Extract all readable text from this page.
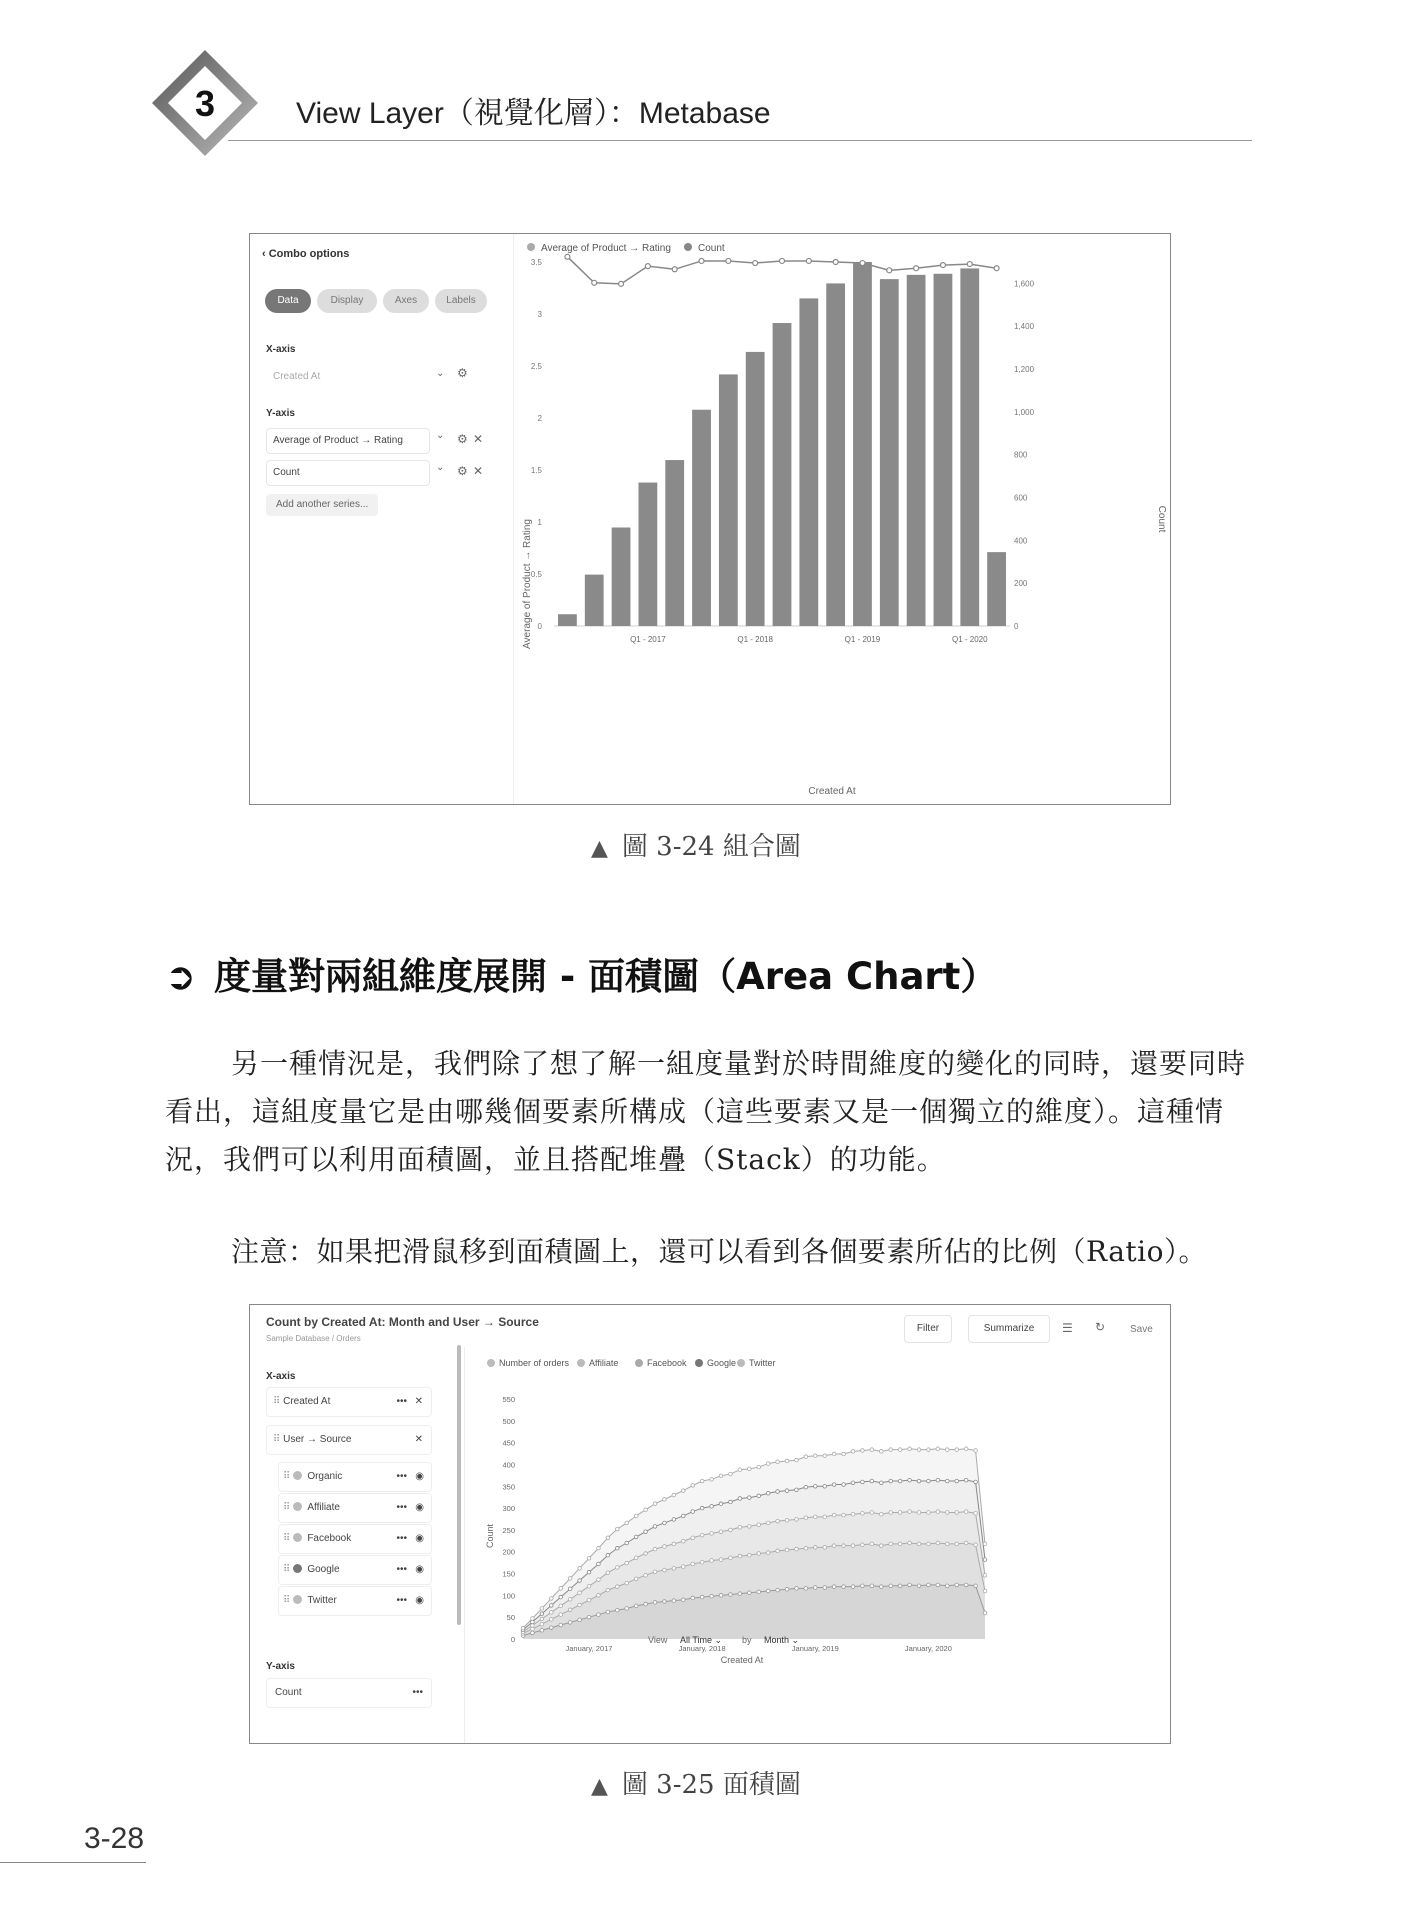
3	View Layer（視覺化層）：Metabase
‹ Combo options
Data	Display	Axes	Labels
X-axis
Created At	⌄ ⚙
Y-axis
Average of Product → Rating	⌄ ⚙ ✕
Count	⌄ ⚙ ✕
Add another series...
Average of Product → Rating	Count
Average of Product → Rating
Count
Created At
0
0.5
1
1.5
2
2.5
3
3.5
0
200
400
600
800
1,000
1,200
1,400
1,600
Q1 - 2017	Q1 - 2018	Q1 - 2019	Q1 - 2020
▲ 圖 3-24 組合圖
➲ 度量對兩組維度展開 - 面積圖（Area Chart）
另一種情況是，我們除了想了解一組度量對於時間維度的變化的同時，還要同時看出，這組度量它是由哪幾個要素所構成（這些要素又是一個獨立的維度）。這種情況，我們可以利用面積圖，並且搭配堆疊（Stack）的功能。
注意：如果把滑鼠移到面積圖上，還可以看到各個要素所佔的比例（Ratio）。
Count by Created At: Month and User → Source
Sample Database / Orders
Filter	Summarize	☰ ↻ Save
X-axis
⠿ Created At	••• ✕
⠿ User → Source	✕
⠿ Organic	••• ◉
⠿ Affiliate	••• ◉
⠿ Facebook	••• ◉
⠿ Google	••• ◉
⠿ Twitter	••• ◉
Y-axis
Count	•••
Number of orders Affiliate	Facebook Google Twitter
Count
Created At
0
50
100
150
200
250
300
350
400
450
500
550
January, 2017	January, 2018	January, 2019	January, 2020
View All Time ⌄ by Month ⌄
▲ 圖 3-25 面積圖
3-28
